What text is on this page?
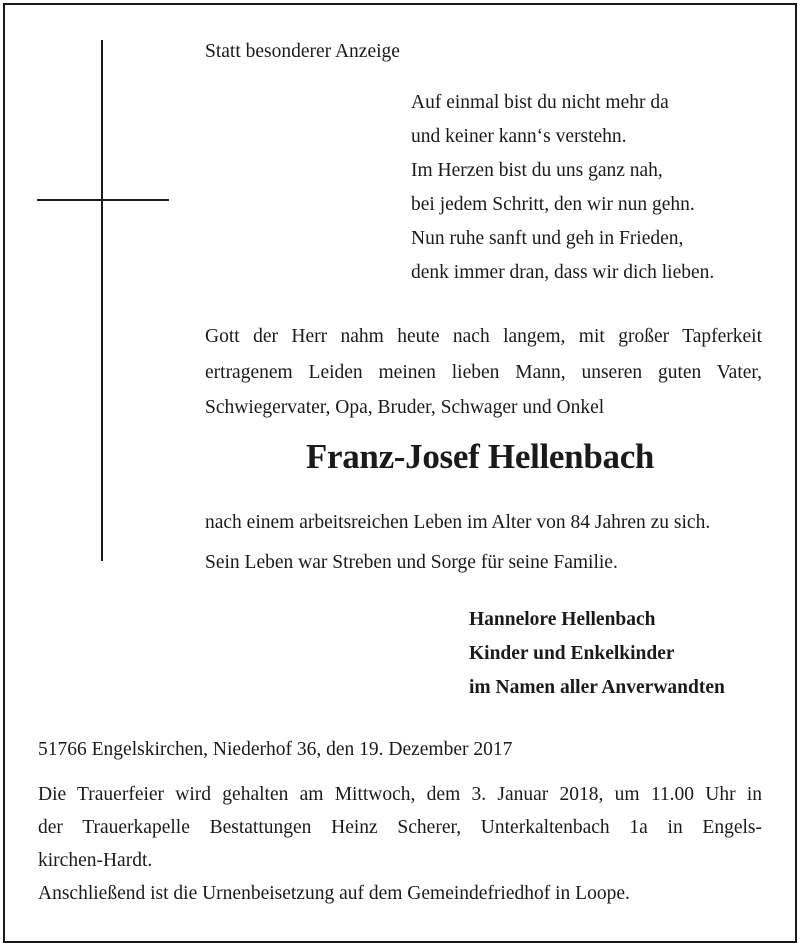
Statt besonderer Anzeige
Auf einmal bist du nicht mehr da
und keiner kann‘s verstehn.
Im Herzen bist du uns ganz nah,
bei jedem Schritt, den wir nun gehn.
Nun ruhe sanft und geh in Frieden,
denk immer dran, dass wir dich lieben.
Gott der Herr nahm heute nach langem, mit großer Tapferkeit
ertragenem Leiden meinen lieben Mann, unseren guten Vater,
Schwiegervater, Opa, Bruder, Schwager und Onkel
Franz-Josef Hellenbach
nach einem arbeitsreichen Leben im Alter von 84 Jahren zu sich.
Sein Leben war Streben und Sorge für seine Familie.
Hannelore Hellenbach
Kinder und Enkelkinder
im Namen aller Anverwandten
51766 Engelskirchen, Niederhof 36, den 19. Dezember 2017
Die Trauerfeier wird gehalten am Mittwoch, dem 3. Januar 2018, um 11.00 Uhr in
der Trauerkapelle Bestattungen Heinz Scherer, Unterkaltenbach 1a in Engels-
kirchen-Hardt.
Anschließend ist die Urnenbeisetzung auf dem Gemeindefriedhof in Loope.
